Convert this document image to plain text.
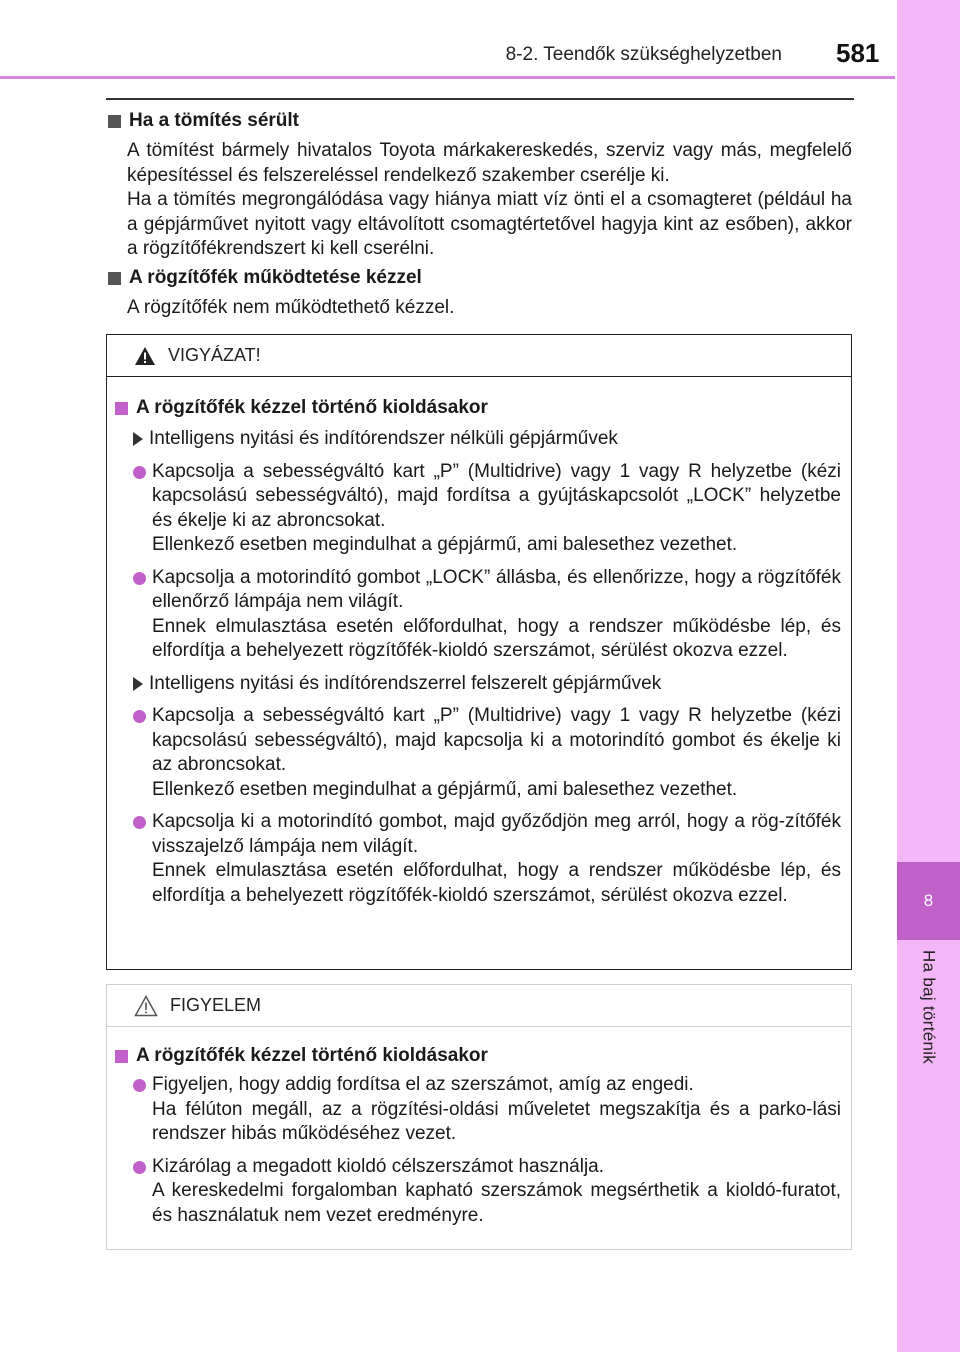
8-2. Teendők szükséghelyzetben 581
8
Ha baj történik
Ha a tömítés sérült
A tömítést bármely hivatalos Toyota márkakereskedés, szerviz vagy más, megfelelő képesítéssel és felszereléssel rendelkező szakember cserélje ki.
Ha a tömítés megrongálódása vagy hiánya miatt víz önti el a csomagteret (például ha a gépjárművet nyitott vagy eltávolított csomagtértetővel hagyja kint az esőben), akkor a rögzítőfékrendszert ki kell cserélni.
A rögzítőfék működtetése kézzel
A rögzítőfék nem működtethető kézzel.
VIGYÁZAT!
A rögzítőfék kézzel történő kioldásakor
Intelligens nyitási és indítórendszer nélküli gépjárművek
Kapcsolja a sebességváltó kart „P” (Multidrive) vagy 1 vagy R helyzetbe (kézi kapcsolású sebességváltó), majd fordítsa a gyújtáskapcsolót „LOCK” helyzetbe és ékelje ki az abroncsokat.
Ellenkező esetben megindulhat a gépjármű, ami balesethez vezethet.
Kapcsolja a motorindító gombot „LOCK” állásba, és ellenőrizze, hogy a rögzítőfék ellenőrző lámpája nem világít.
Ennek elmulasztása esetén előfordulhat, hogy a rendszer működésbe lép, és elfordítja a behelyezett rögzítőfék-kioldó szerszámot, sérülést okozva ezzel.
Intelligens nyitási és indítórendszerrel felszerelt gépjárművek
Kapcsolja a sebességváltó kart „P” (Multidrive) vagy 1 vagy R helyzetbe (kézi kapcsolású sebességváltó), majd kapcsolja ki a motorindító gombot és ékelje ki az abroncsokat.
Ellenkező esetben megindulhat a gépjármű, ami balesethez vezethet.
Kapcsolja ki a motorindító gombot, majd győződjön meg arról, hogy a rög-zítőfék visszajelző lámpája nem világít.
Ennek elmulasztása esetén előfordulhat, hogy a rendszer működésbe lép, és elfordítja a behelyezett rögzítőfék-kioldó szerszámot, sérülést okozva ezzel.
FIGYELEM
A rögzítőfék kézzel történő kioldásakor
Figyeljen, hogy addig fordítsa el az szerszámot, amíg az engedi.
Ha félúton megáll, az a rögzítési-oldási műveletet megszakítja és a parko-lási rendszer hibás működéséhez vezet.
Kizárólag a megadott kioldó célszerszámot használja.
A kereskedelmi forgalomban kapható szerszámok megsérthetik a kioldó-furatot, és használatuk nem vezet eredményre.
